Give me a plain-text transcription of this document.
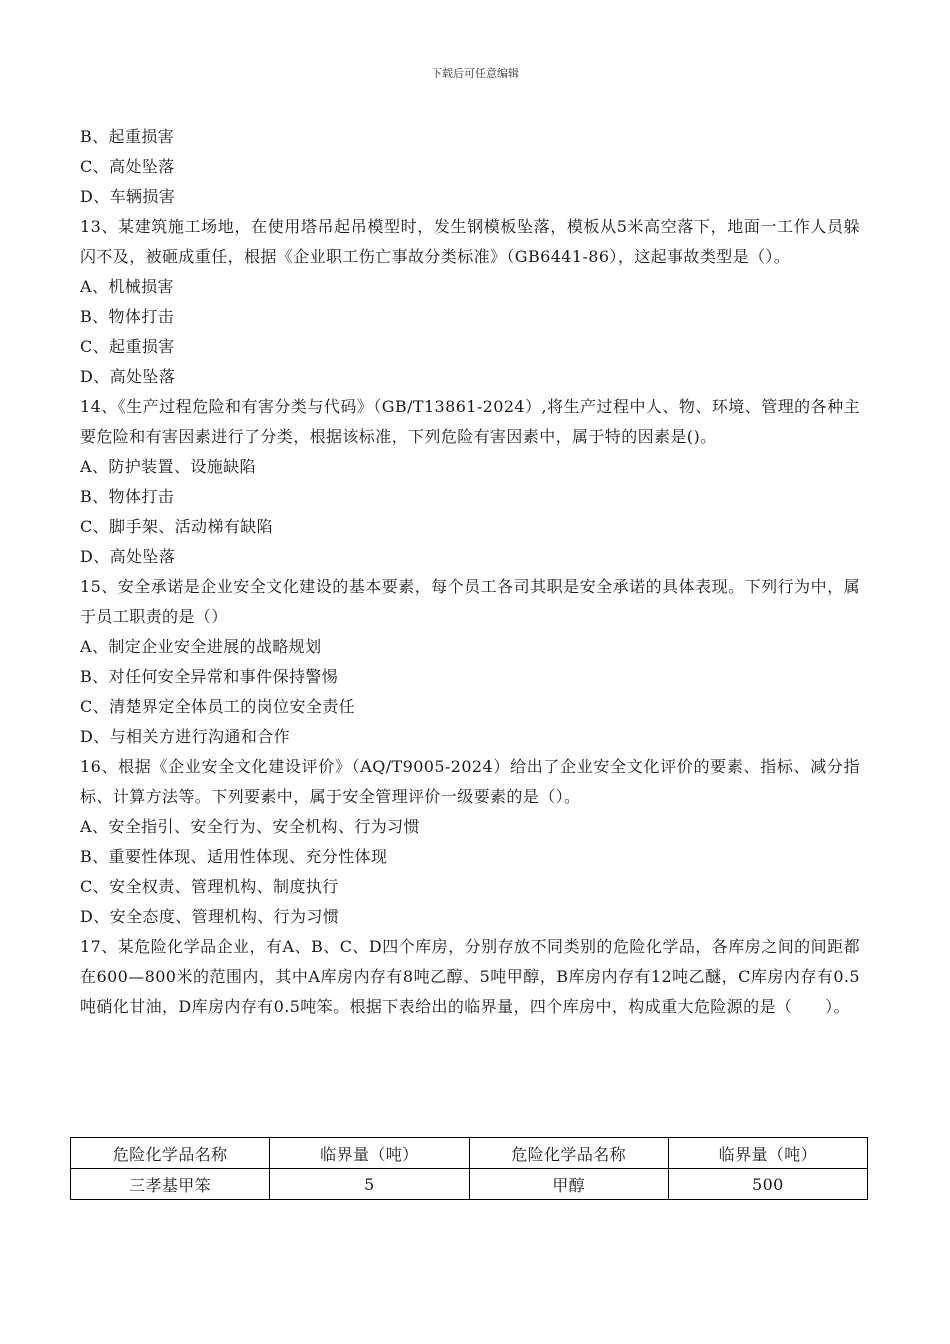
下载后可任意编辑
B、起重损害
C、高处坠落
D、车辆损害
13、某建筑施工场地，在使用塔吊起吊模型时，发生钢模板坠落，模板从5米高空落下，地面一工作人员躲闪不及，被砸成重任，根据《企业职工伤亡事故分类标准》（GB6441-86），这起事故类型是（）。
A、机械损害
B、物体打击
C、起重损害
D、高处坠落
14、《生产过程危险和有害分类与代码》（GB/T13861-2024）,将生产过程中人、物、环境、管理的各种主要危险和有害因素进行了分类，根据该标准，下列危险有害因素中，属于特的因素是()。
A、防护装置、设施缺陷
B、物体打击
C、脚手架、活动梯有缺陷
D、高处坠落
15、安全承诺是企业安全文化建设的基本要素，每个员工各司其职是安全承诺的具体表现。下列行为中，属于员工职责的是（）
A、制定企业安全进展的战略规划
B、对任何安全异常和事件保持警惕
C、清楚界定全体员工的岗位安全责任
D、与相关方进行沟通和合作
16、根据《企业安全文化建设评价》（AQ/T9005-2024）给出了企业安全文化评价的要素、指标、减分指标、计算方法等。下列要素中，属于安全管理评价一级要素的是（）。
A、安全指引、安全行为、安全机构、行为习惯
B、重要性体现、适用性体现、充分性体现
C、安全权责、管理机构、制度执行
D、安全态度、管理机构、行为习惯
17、某危险化学品企业，有A、B、C、D四个库房，分别存放不同类别的危险化学品，各库房之间的间距都在600—800米的范围内，其中A库房内存有8吨乙醇、5吨甲醇，B库房内存有12吨乙醚，C库房内存有0.5吨硝化甘油，D库房内存有0.5吨笨。根据下表给出的临界量，四个库房中，构成重大危险源的是（　　）。
危险化学品名称	临界量（吨）	危险化学品名称	临界量（吨）
三孝基甲笨	5	甲醇	500
